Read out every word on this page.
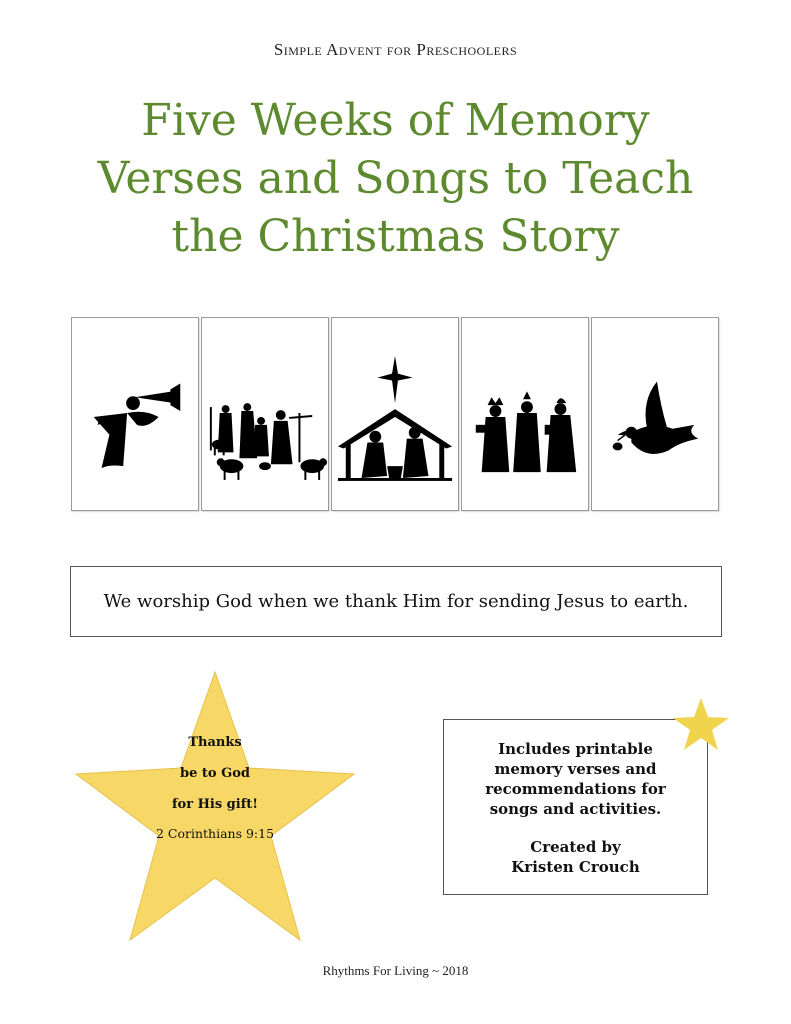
Simple Advent for Preschoolers
Five Weeks of Memory
Verses and Songs to Teach
the Christmas Story
We worship God when we thank Him for sending Jesus to earth.
Thanks
be to God
for His gift!
2 Corinthians 9:15
Includes printable
memory verses and
recommendations for
songs and activities.
Created by
Kristen Crouch
Rhythms For Living ~ 2018
